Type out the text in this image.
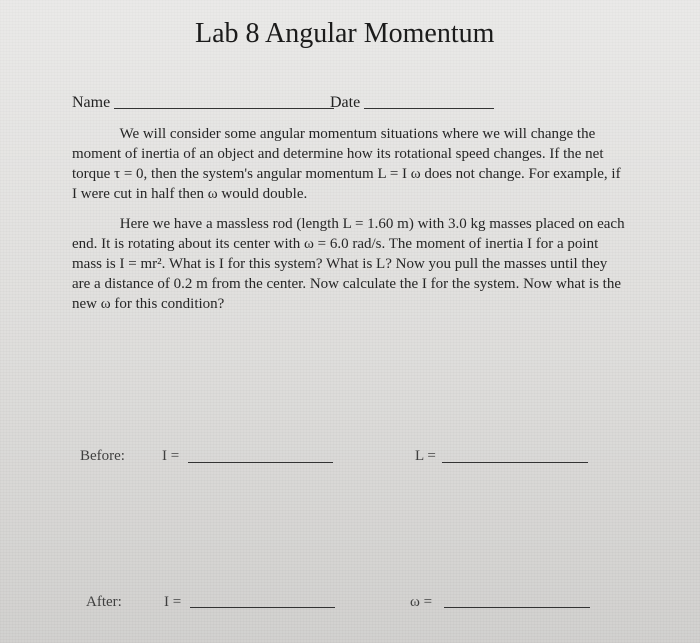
Lab 8 Angular Momentum
Name	Date
We will consider some angular momentum situations where we will change the moment of inertia of an object and determine how its rotational speed changes. If the net torque τ = 0, then the system's angular momentum L = I ω does not change. For example, if I were cut in half then ω would double.
Here we have a massless rod (length L = 1.60 m) with 3.0 kg masses placed on each end. It is rotating about its center with ω = 6.0 rad/s. The moment of inertia I for a point mass is I = mr². What is I for this system? What is L? Now you pull the masses until they are a distance of 0.2 m from the center. Now calculate the I for the system. Now what is the new ω for this condition?
Before: I =	L =
After:	I =	ω =
